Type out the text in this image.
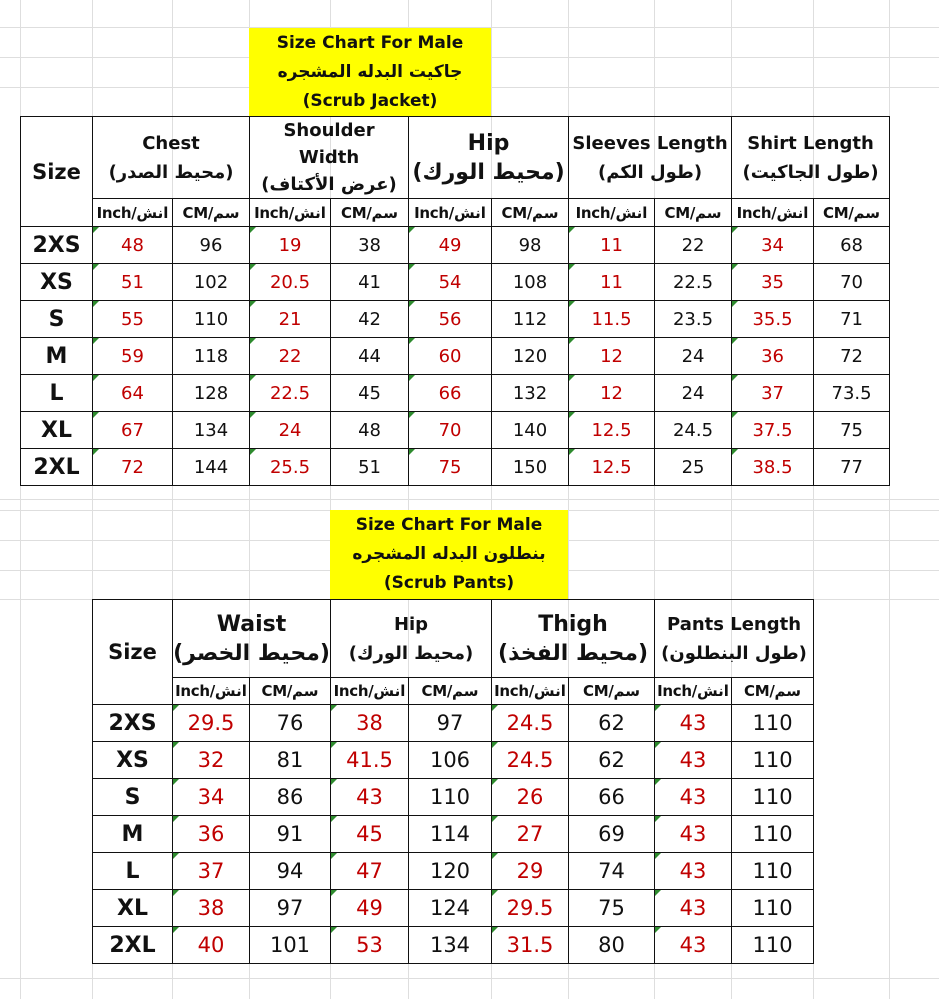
Size Chart For Male
جاكيت البدله المشجره
(Scrub Jacket)
Size	Chest
(محيط الصدر)		Shoulder Width
(عرض الأكتاف)		Hip
(محيط الورك)		Sleeves Length
(طول الكم)		Shirt Length
(طول الجاكيت)	

	Inch/انش	CM/سم	Inch/انش	CM/سم	Inch/انش	CM/سم	Inch/انش	CM/سم	Inch/انش	CM/سم
2XS	48	96	19	38	49	98	11	22	34	68
XS	51	102	20.5	41	54	108	11	22.5	35	70
S	55	110	21	42	56	112	11.5	23.5	35.5	71
M	59	118	22	44	60	120	12	24	36	72
L	64	128	22.5	45	66	132	12	24	37	73.5
XL	67	134	24	48	70	140	12.5	24.5	37.5	75
2XL	72	144	25.5	51	75	150	12.5	25	38.5	77
Size Chart For Male
بنطلون البدله المشجره
(Scrub Pants)
Size	Waist
(محيط الخصر)		Hip
(محيط الورك)		Thigh
(محيط الفخذ)		Pants Length
(طول البنطلون)	

	Inch/انش	CM/سم	Inch/انش	CM/سم	Inch/انش	CM/سم	Inch/انش	CM/سم
2XS	29.5	76	38	97	24.5	62	43	110
XS	32	81	41.5	106	24.5	62	43	110
S	34	86	43	110	26	66	43	110
M	36	91	45	114	27	69	43	110
L	37	94	47	120	29	74	43	110
XL	38	97	49	124	29.5	75	43	110
2XL	40	101	53	134	31.5	80	43	110
